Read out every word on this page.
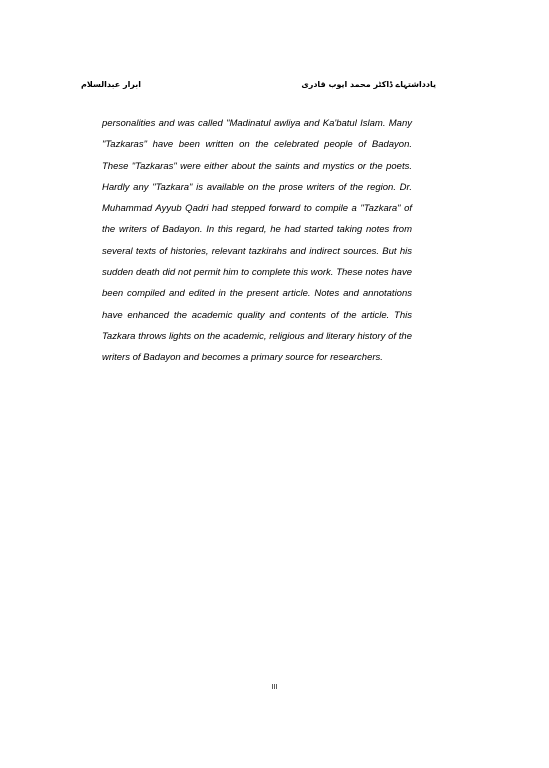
ابرار عبدالسلام	یادداشتہاے ڈاکٹر محمد ایوب قادری

personalities and was called "Madinatul awliya and Ka'batul Islam. Many "Tazkaras" have been written on the celebrated people of Badayon. These "Tazkaras" were either about the saints and mystics or the poets. Hardly any "Tazkara" is available on the prose writers of the region. Dr. Muhammad Ayyub Qadri had stepped forward to compile a "Tazkara" of the writers of Badayon. In this regard, he had started taking notes from several texts of histories, relevant tazkirahs and indirect sources. But his sudden death did not permit him to complete this work. These notes have been compiled and edited in the present article. Notes and annotations have enhanced the academic quality and contents of the article. This Tazkara throws lights on the academic, religious and literary history of the writers of Badayon and becomes a primary source for researchers.

III
